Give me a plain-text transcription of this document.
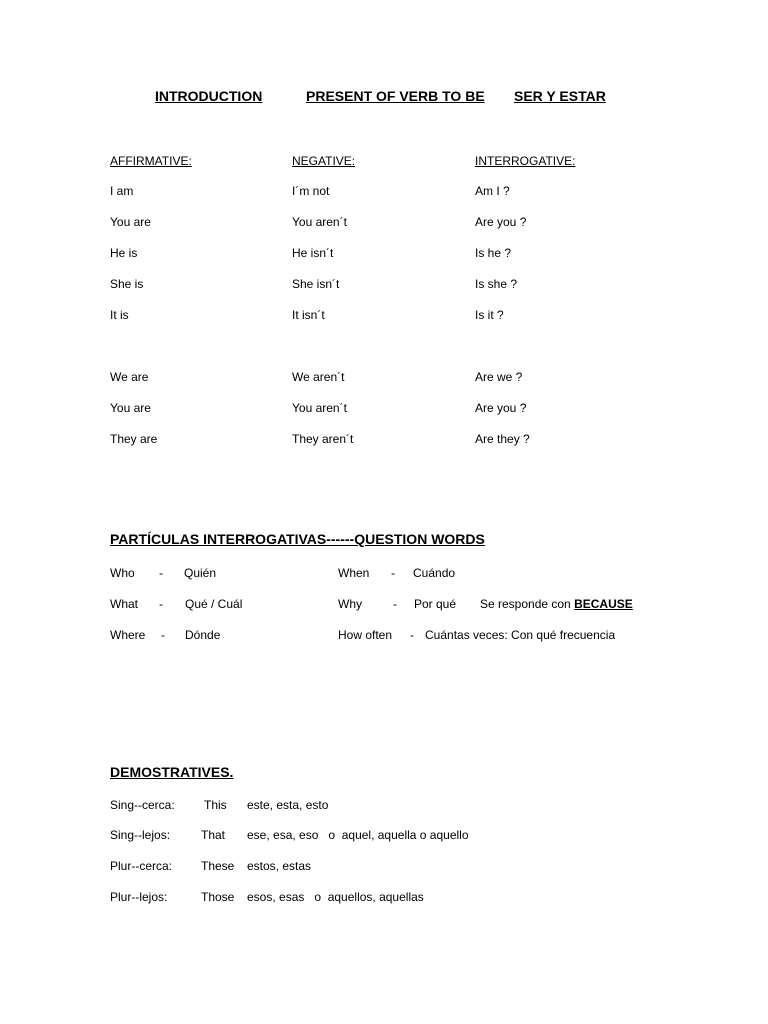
INTRODUCTION	PRESENT OF VERB TO BE SER Y ESTAR
AFFIRMATIVE:	NEGATIVE:	INTERROGATIVE:
I am	I´m not	Am I ?
You are	You aren´t	Are you ?
He is	He isn´t	Is he ?
She is	She isn´t	Is she ?
It is	It isn´t	Is it ?
We are	We aren´t	Are we ?
You are	You aren´t	Are you ?
They are	They aren´t	Are they ?
PARTÍCULAS INTERROGATIVAS------QUESTION WORDS
Who - Quién	When - Cuándo
What - Qué / Cuál	Why	- Por qué Se responde con BECAUSE
Where - Dónde	How often - Cuántas veces: Con qué frecuencia
DEMOSTRATIVES.
Sing--cerca: This este, esta, esto
Sing--lejos:	That ese, esa, eso   o  aquel, aquella o aquello
Plur--cerca: These estos, estas
Plur--lejos:	Those esos, esas   o  aquellos, aquellas
